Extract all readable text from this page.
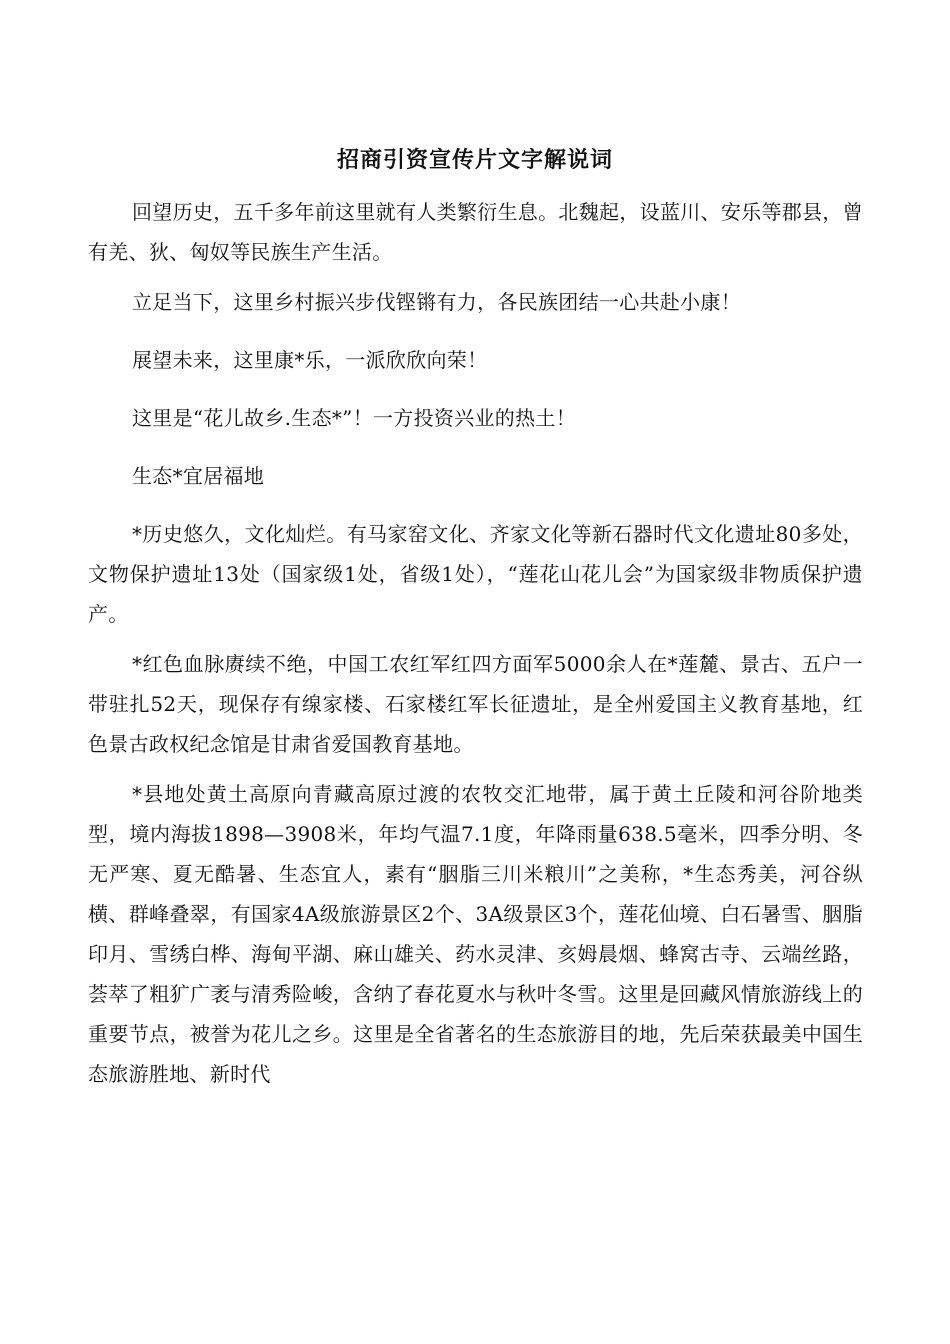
招商引资宣传片文字解说词

回望历史，五千多年前这里就有人类繁衍生息。北魏起，设蓝川、安乐等郡县，曾有羌、狄、匈奴等民族生产生活。

立足当下，这里乡村振兴步伐铿锵有力，各民族团结一心共赴小康！

展望未来，这里康*乐，一派欣欣向荣！

这里是“花儿故乡.生态*”！一方投资兴业的热土！

生态*宜居福地

*历史悠久，文化灿烂。有马家窑文化、齐家文化等新石器时代文化遗址80多处，文物保护遗址13处（国家级1处，省级1处），“莲花山花儿会”为国家级非物质保护遗产。

*红色血脉赓续不绝，中国工农红军红四方面军5000余人在*莲麓、景古、五户一带驻扎52天，现保存有缐家楼、石家楼红军长征遗址，是全州爱国主义教育基地，红色景古政权纪念馆是甘肃省爱国教育基地。

*县地处黄土高原向青藏高原过渡的农牧交汇地带，属于黄土丘陵和河谷阶地类型，境内海拔1898—3908米，年均气温7.1度，年降雨量638.5毫米，四季分明、冬无严寒、夏无酷暑、生态宜人，素有“胭脂三川米粮川”之美称，*生态秀美，河谷纵横、群峰叠翠，有国家4A级旅游景区2个、3A级景区3个，莲花仙境、白石暑雪、胭脂印月、雪绣白桦、海甸平湖、麻山雄关、药水灵津、亥姆晨烟、蜂窝古寺、云端丝路，荟萃了粗犷广袤与清秀险峻，含纳了春花夏水与秋叶冬雪。这里是回藏风情旅游线上的重要节点，被誉为花儿之乡。这里是全省著名的生态旅游目的地，先后荣获最美中国生态旅游胜地、新时代
